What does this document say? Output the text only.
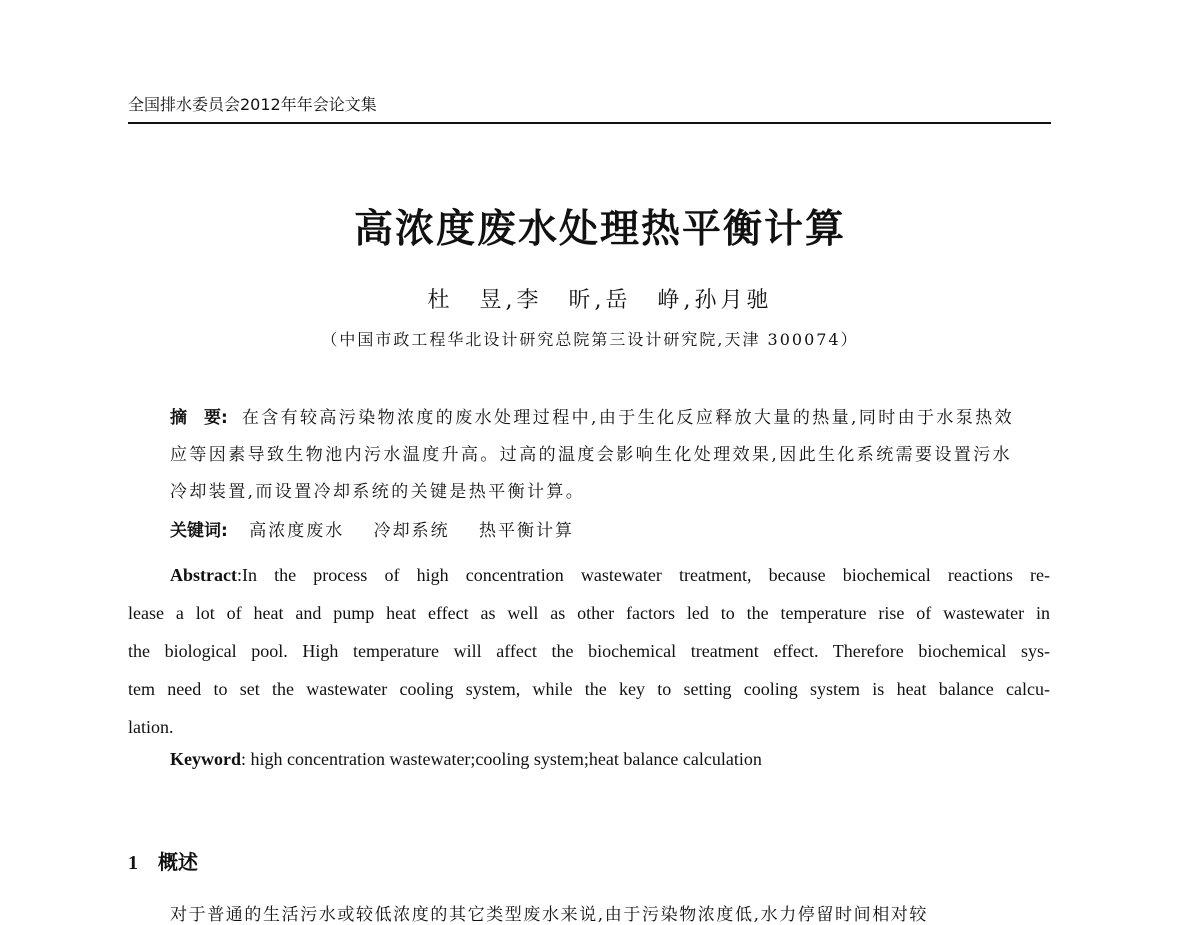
全国排水委员会2012年年会论文集
高浓度废水处理热平衡计算
杜　昱,李　昕,岳　峥,孙月驰
（中国市政工程华北设计研究总院第三设计研究院,天津 300074）
摘　要: 在含有较高污染物浓度的废水处理过程中,由于生化反应释放大量的热量,同时由于水泵热效应等因素导致生物池内污水温度升高。过高的温度会影响生化处理效果,因此生化系统需要设置污水冷却装置,而设置冷却系统的关键是热平衡计算。
关键词: 高浓度废水 冷却系统 热平衡计算
Abstract:In the process of high concentration wastewater treatment, because biochemical reactions re-
lease a lot of heat and pump heat effect as well as other factors led to the temperature rise of wastewater in
the biological pool. High temperature will affect the biochemical treatment effect. Therefore biochemical sys-
tem need to set the wastewater cooling system, while the key to setting cooling system is heat balance calcu-
lation.
Keyword: high concentration wastewater;cooling system;heat balance calculation
1 概述
对于普通的生活污水或较低浓度的其它类型废水来说,由于污染物浓度低,水力停留时间相对较
